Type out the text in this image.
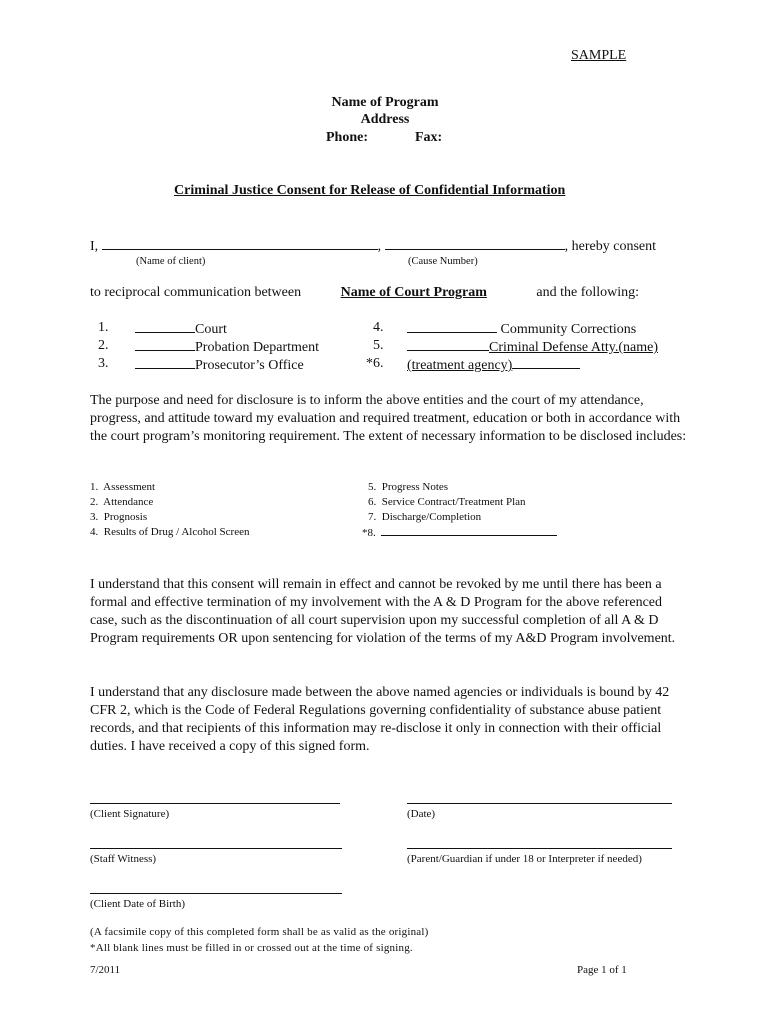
SAMPLE
Name of Program
Address
Phone:	Fax:
Criminal Justice Consent for Release of Confidential Information
I,	,	, hereby consent
(Name of client)	(Cause Number)
to reciprocal communication between	Name of Court Program	and the following:
1.	Court
2.	Probation Department
3.	Prosecutor’s Office
4.	Community Corrections
5.	Criminal Defense Atty.(name)
*6. (treatment agency)
The purpose and need for disclosure is to inform the above entities and the court of my attendance, progress, and attitude toward my evaluation and required treatment, education or both in accordance with the court program’s monitoring requirement. The extent of necessary information to be disclosed includes:
1. Assessment
2. Attendance
3. Prognosis
4. Results of Drug / Alcohol Screen
5. Progress Notes
6. Service Contract/Treatment Plan
7. Discharge/Completion
*8.
I understand that this consent will remain in effect and cannot be revoked by me until there has been a formal and effective termination of my involvement with the A & D Program for the above referenced case, such as the discontinuation of all court supervision upon my successful completion of all A & D Program requirements OR upon sentencing for violation of the terms of my A&D Program involvement.
I understand that any disclosure made between the above named agencies or individuals is bound by 42 CFR 2, which is the Code of Federal Regulations governing confidentiality of substance abuse patient records, and that recipients of this information may re-disclose it only in connection with their official duties. I have received a copy of this signed form.
(Client Signature)	(Date)
(Staff Witness)	(Parent/Guardian if under 18 or Interpreter if needed)
(Client Date of Birth)
(A facsimile copy of this completed form shall be as valid as the original)
*All blank lines must be filled in or crossed out at the time of signing.
7/2011	Page 1 of 1
